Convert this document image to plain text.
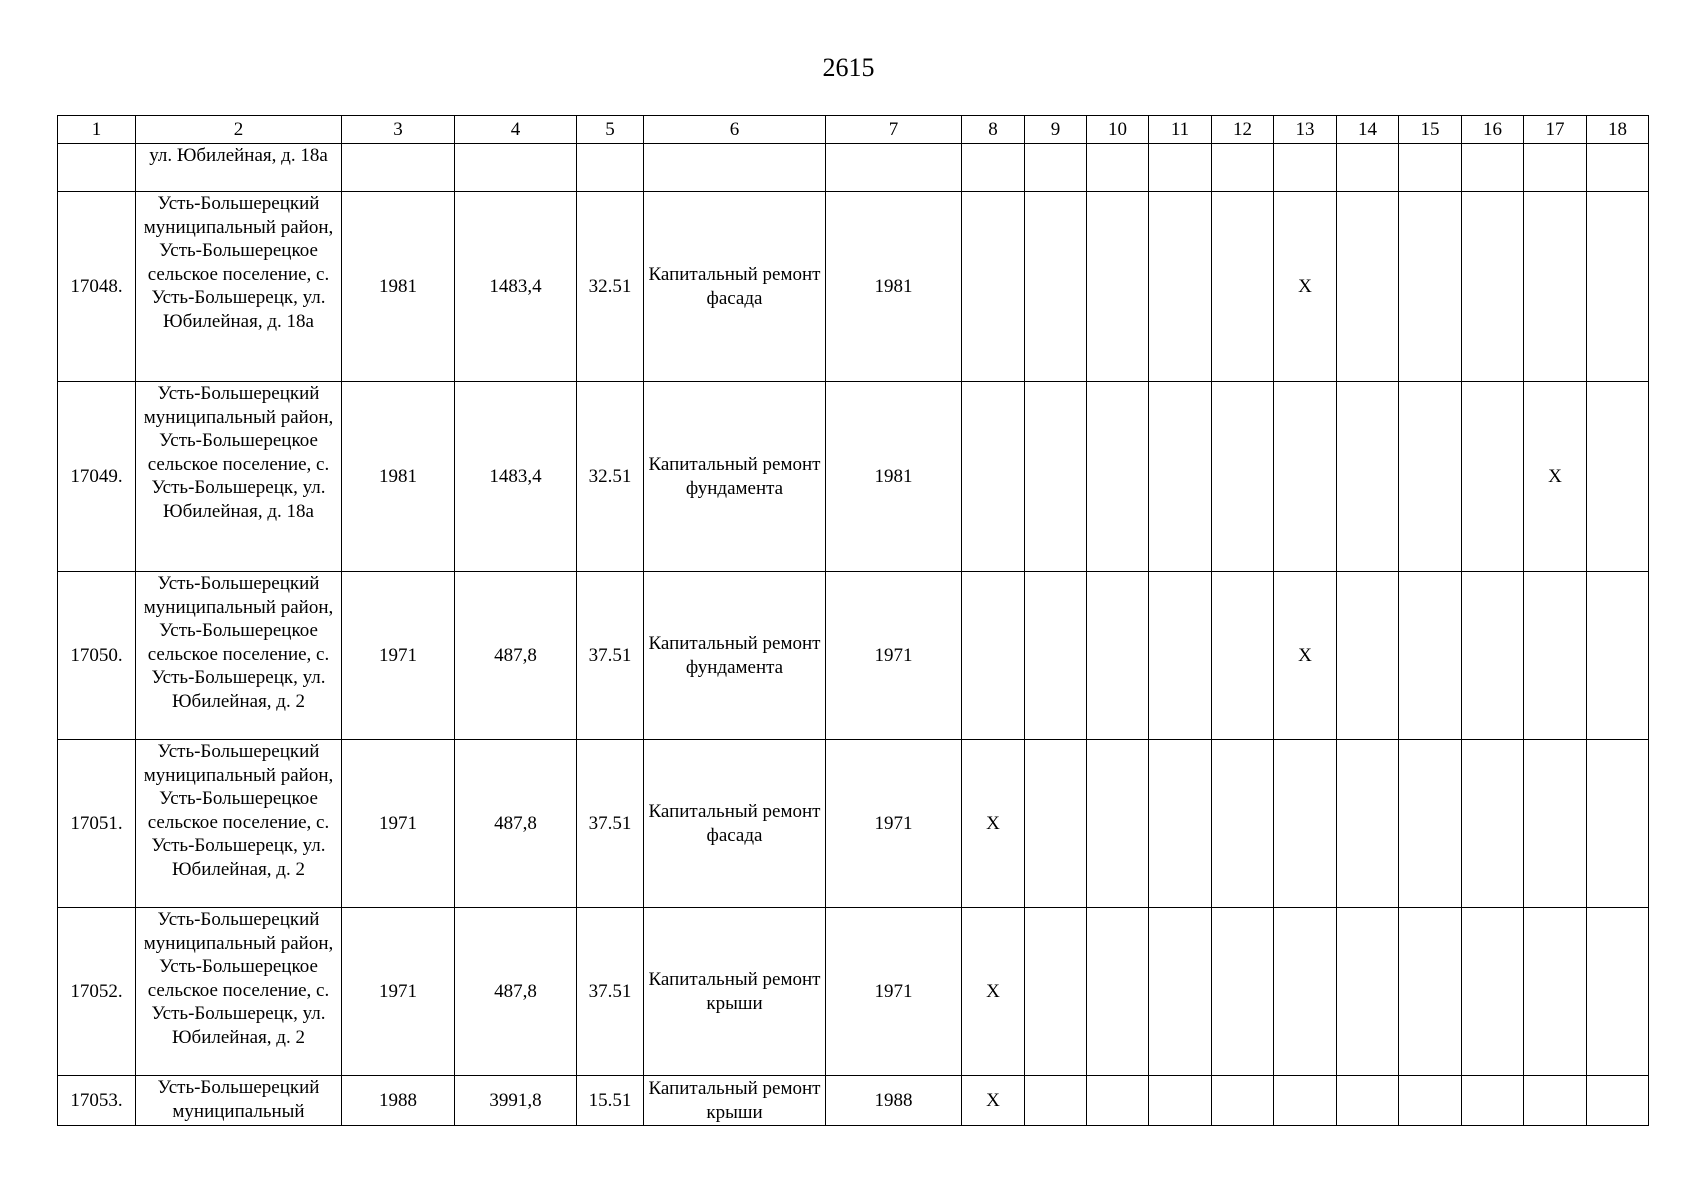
2615
1	2	3	4	5	6	7	8	9	10	11	12	13	14	15	16	17	18
	ул. Юбилейная, д. 18а																
17048.	Усть-Большерецкий муниципальный район, Усть-Большерецкое сельское поселение, с. Усть-Большерецк, ул. Юбилейная, д. 18а	1981	1483,4	32.51	Капитальный ремонт фасада	1981						X					
17049.	Усть-Большерецкий муниципальный район, Усть-Большерецкое сельское поселение, с. Усть-Большерецк, ул. Юбилейная, д. 18а	1981	1483,4	32.51	Капитальный ремонт фундамента	1981										X	
17050.	Усть-Большерецкий муниципальный район, Усть-Большерецкое сельское поселение, с. Усть-Большерецк, ул. Юбилейная, д. 2	1971	487,8	37.51	Капитальный ремонт фундамента	1971						X					
17051.	Усть-Большерецкий муниципальный район, Усть-Большерецкое сельское поселение, с. Усть-Большерецк, ул. Юбилейная, д. 2	1971	487,8	37.51	Капитальный ремонт фасада	1971	X										
17052.	Усть-Большерецкий муниципальный район, Усть-Большерецкое сельское поселение, с. Усть-Большерецк, ул. Юбилейная, д. 2	1971	487,8	37.51	Капитальный ремонт крыши	1971	X										
17053.	Усть-Большерецкий муниципальный	1988	3991,8	15.51	Капитальный ремонт крыши	1988	X										
